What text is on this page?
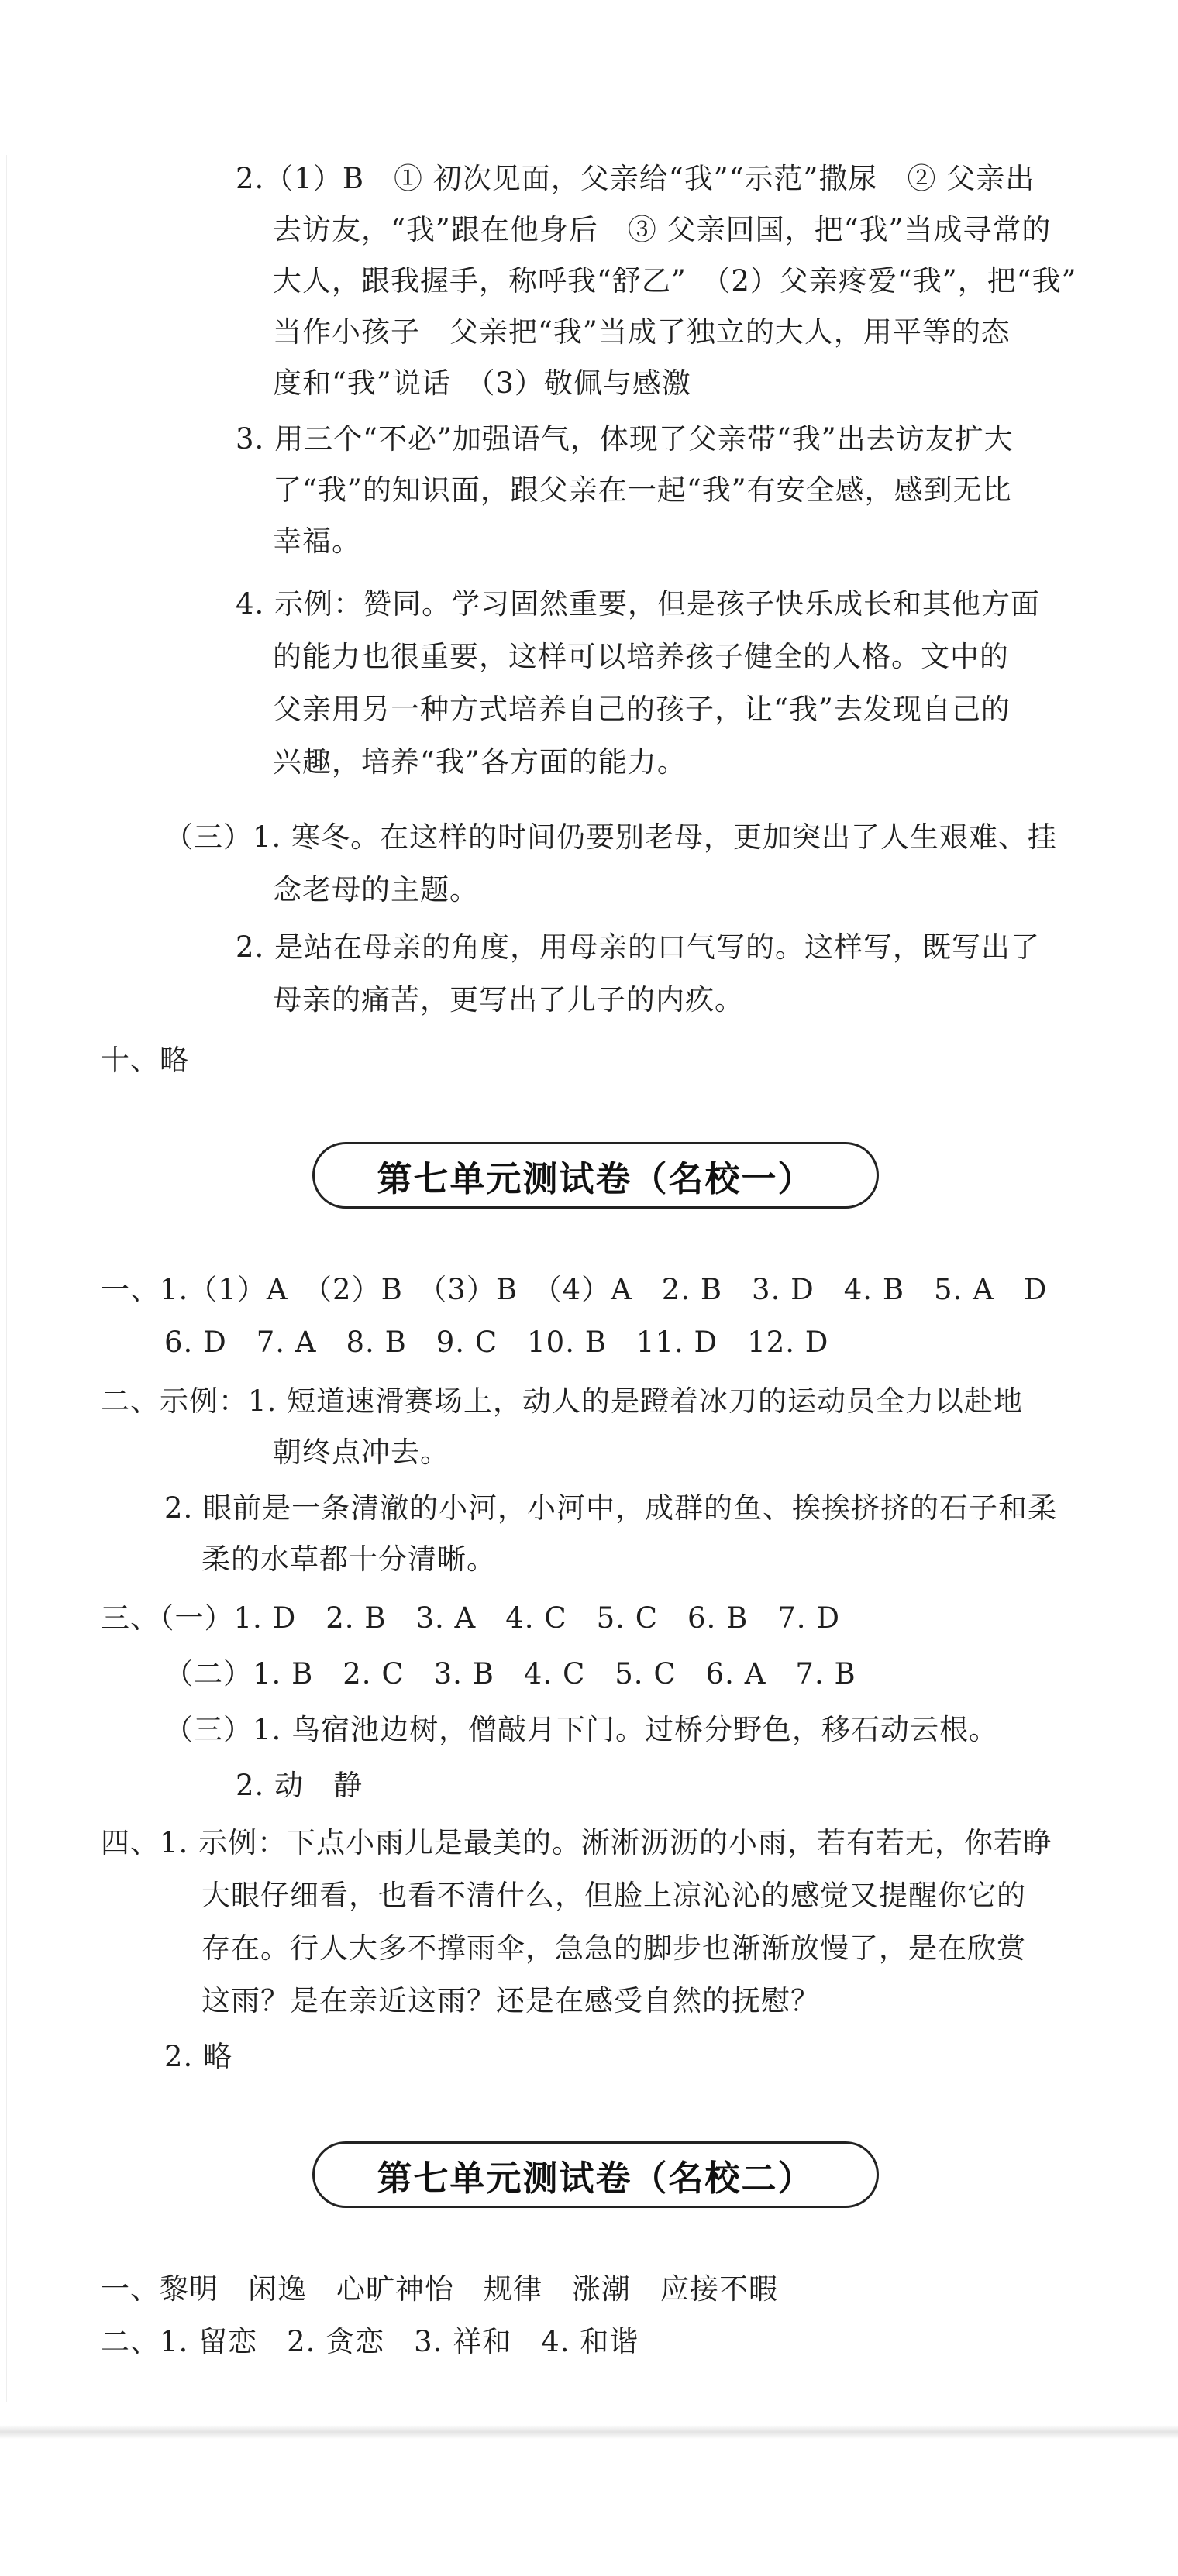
2.（1）B　① 初次见面，父亲给“我”“示范”撒尿　② 父亲出
去访友，“我”跟在他身后　③ 父亲回国，把“我”当成寻常的
大人，跟我握手，称呼我“舒乙”　（2）父亲疼爱“我”，把“我”
当作小孩子　父亲把“我”当成了独立的大人，用平等的态
度和“我”说话　（3）敬佩与感激
3. 用三个“不必”加强语气，体现了父亲带“我”出去访友扩大
了“我”的知识面，跟父亲在一起“我”有安全感，感到无比
幸福。
4. 示例：赞同。学习固然重要，但是孩子快乐成长和其他方面
的能力也很重要，这样可以培养孩子健全的人格。文中的
父亲用另一种方式培养自己的孩子，让“我”去发现自己的
兴趣，培养“我”各方面的能力。
（三）1. 寒冬。在这样的时间仍要别老母，更加突出了人生艰难、挂
念老母的主题。
2. 是站在母亲的角度，用母亲的口气写的。这样写，既写出了
母亲的痛苦，更写出了儿子的内疚。
十、略
第七单元测试卷（名校一）
一、1.（1）A　（2）B　（3）B　（4）A　2. B　3. D　4. B　5. A　D
6. D　7. A　8. B　9. C　10. B　11. D　12. D
二、示例：1. 短道速滑赛场上，动人的是蹬着冰刀的运动员全力以赴地
朝终点冲去。
2. 眼前是一条清澈的小河，小河中，成群的鱼、挨挨挤挤的石子和柔
柔的水草都十分清晰。
三、（一）1. D　2. B　3. A　4. C　5. C　6. B　7. D
（二）1. B　2. C　3. B　4. C　5. C　6. A　7. B
（三）1. 鸟宿池边树，僧敲月下门。过桥分野色，移石动云根。
2. 动　静
四、1. 示例：下点小雨儿是最美的。淅淅沥沥的小雨，若有若无，你若睁
大眼仔细看，也看不清什么，但脸上凉沁沁的感觉又提醒你它的
存在。行人大多不撑雨伞，急急的脚步也渐渐放慢了，是在欣赏
这雨？是在亲近这雨？还是在感受自然的抚慰？
2. 略
第七单元测试卷（名校二）
一、黎明　闲逸　心旷神怡　规律　涨潮　应接不暇
二、1. 留恋　2. 贪恋　3. 祥和　4. 和谐
